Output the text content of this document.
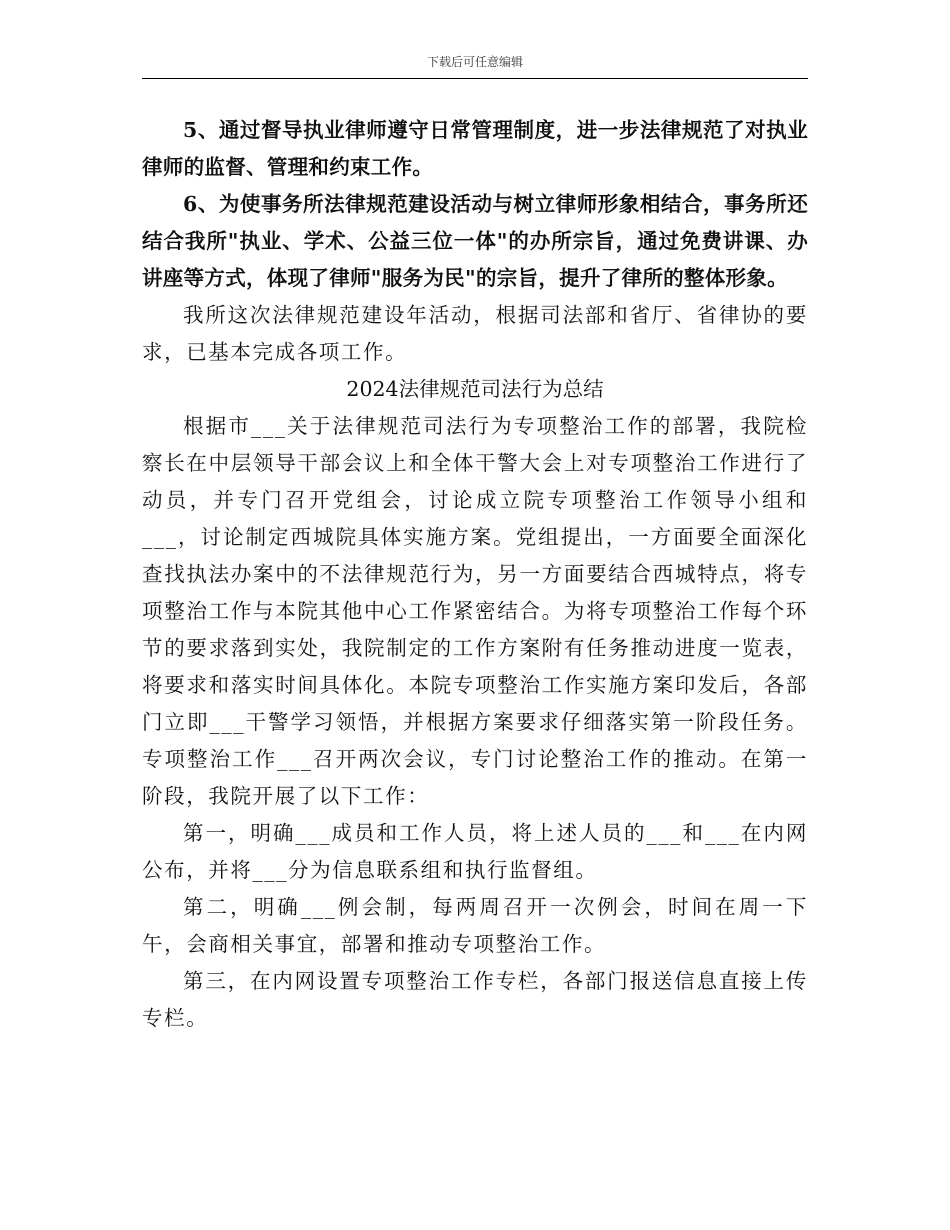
下载后可任意编辑

5、通过督导执业律师遵守日常管理制度，进一步法律规范了对执业律师的监督、管理和约束工作。

6、为使事务所法律规范建设活动与树立律师形象相结合，事务所还结合我所"执业、学术、公益三位一体"的办所宗旨，通过免费讲课、办讲座等方式，体现了律师"服务为民"的宗旨，提升了律所的整体形象。

我所这次法律规范建设年活动，根据司法部和省厅、省律协的要求，已基本完成各项工作。

2024法律规范司法行为总结

根据市___关于法律规范司法行为专项整治工作的部署，我院检察长在中层领导干部会议上和全体干警大会上对专项整治工作进行了动员，并专门召开党组会，讨论成立院专项整治工作领导小组和___，讨论制定西城院具体实施方案。党组提出，一方面要全面深化查找执法办案中的不法律规范行为，另一方面要结合西城特点，将专项整治工作与本院其他中心工作紧密结合。为将专项整治工作每个环节的要求落到实处，我院制定的工作方案附有任务推动进度一览表，将要求和落实时间具体化。本院专项整治工作实施方案印发后，各部门立即___干警学习领悟，并根据方案要求仔细落实第一阶段任务。专项整治工作___召开两次会议，专门讨论整治工作的推动。在第一阶段，我院开展了以下工作：

第一，明确___成员和工作人员，将上述人员的___和___在内网公布，并将___分为信息联系组和执行监督组。

第二，明确___例会制，每两周召开一次例会，时间在周一下午，会商相关事宜，部署和推动专项整治工作。

第三，在内网设置专项整治工作专栏，各部门报送信息直接上传专栏。
